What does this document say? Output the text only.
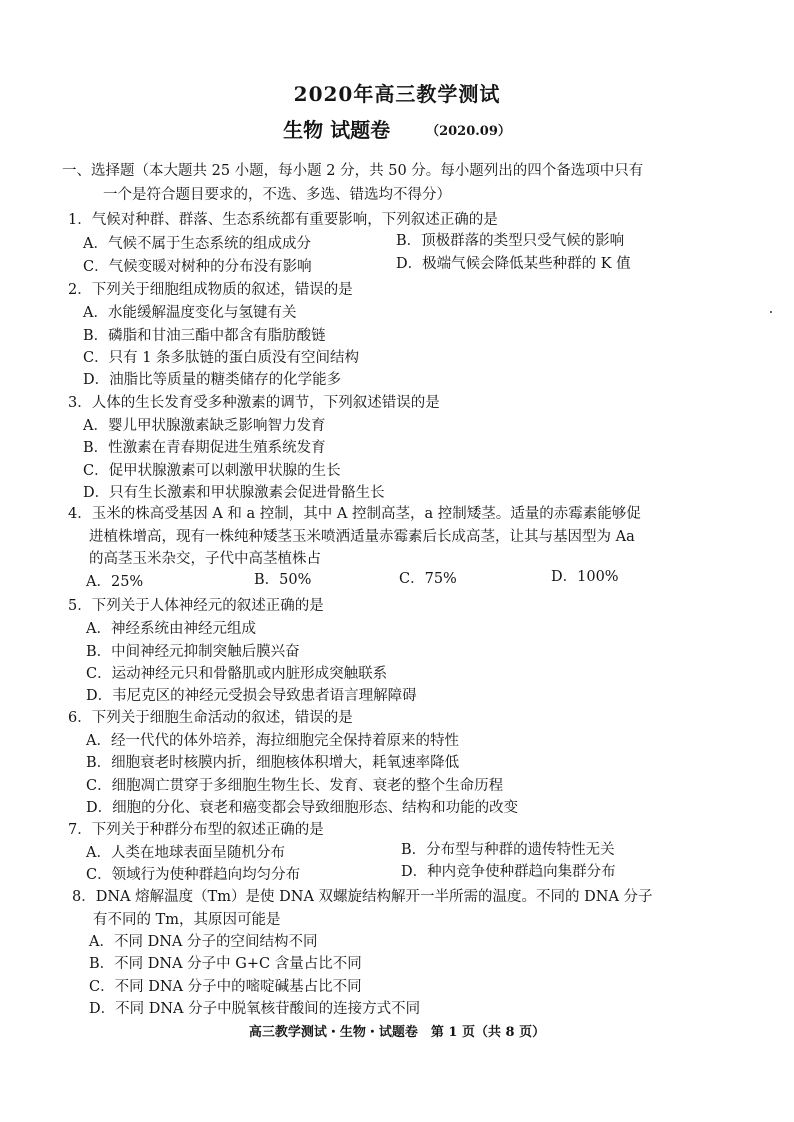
2020年高三教学测试
生物 试题卷	（2020.09）
一、选择题（本大题共 25 小题，每小题 2 分，共 50 分。每小题列出的四个备选项中只有
一个是符合题目要求的，不选、多选、错选均不得分）
1．气候对种群、群落、生态系统都有重要影响，下列叙述正确的是
A．气候不属于生态系统的组成成分	B．顶极群落的类型只受气候的影响
C．气候变暖对树种的分布没有影响	D．极端气候会降低某些种群的 K 值
2．下列关于细胞组成物质的叙述，错误的是
A．水能缓解温度变化与氢键有关
B．磷脂和甘油三酯中都含有脂肪酸链
C．只有 1 条多肽链的蛋白质没有空间结构
D．油脂比等质量的糖类储存的化学能多
3．人体的生长发育受多种激素的调节，下列叙述错误的是
A．婴儿甲状腺激素缺乏影响智力发育
B．性激素在青春期促进生殖系统发育
C．促甲状腺激素可以刺激甲状腺的生长
D．只有生长激素和甲状腺激素会促进骨骼生长
4．玉米的株高受基因 A 和 a 控制，其中 A 控制高茎，a 控制矮茎。适量的赤霉素能够促
进植株增高，现有一株纯种矮茎玉米喷洒适量赤霉素后长成高茎，让其与基因型为 Aa
的高茎玉米杂交，子代中高茎植株占
A．25%	B．50%	C．75%	D．100%
5．下列关于人体神经元的叙述正确的是
A．神经系统由神经元组成
B．中间神经元抑制突触后膜兴奋
C．运动神经元只和骨骼肌或内脏形成突触联系
D．韦尼克区的神经元受损会导致患者语言理解障碍
6．下列关于细胞生命活动的叙述，错误的是
A．经一代代的体外培养，海拉细胞完全保持着原来的特性
B．细胞衰老时核膜内折，细胞核体积增大，耗氧速率降低
C．细胞凋亡贯穿于多细胞生物生长、发育、衰老的整个生命历程
D．细胞的分化、衰老和癌变都会导致细胞形态、结构和功能的改变
7．下列关于种群分布型的叙述正确的是
A．人类在地球表面呈随机分布	B．分布型与种群的遗传特性无关
C．领域行为使种群趋向均匀分布	D．种内竞争使种群趋向集群分布
8．DNA 熔解温度（Tm）是使 DNA 双螺旋结构解开一半所需的温度。不同的 DNA 分子
有不同的 Tm，其原因可能是
A．不同 DNA 分子的空间结构不同
B．不同 DNA 分子中 G+C 含量占比不同
C．不同 DNA 分子中的嘧啶碱基占比不同
D．不同 DNA 分子中脱氧核苷酸间的连接方式不同
高三教学测试・生物・试题卷　第 1 页（共 8 页）
